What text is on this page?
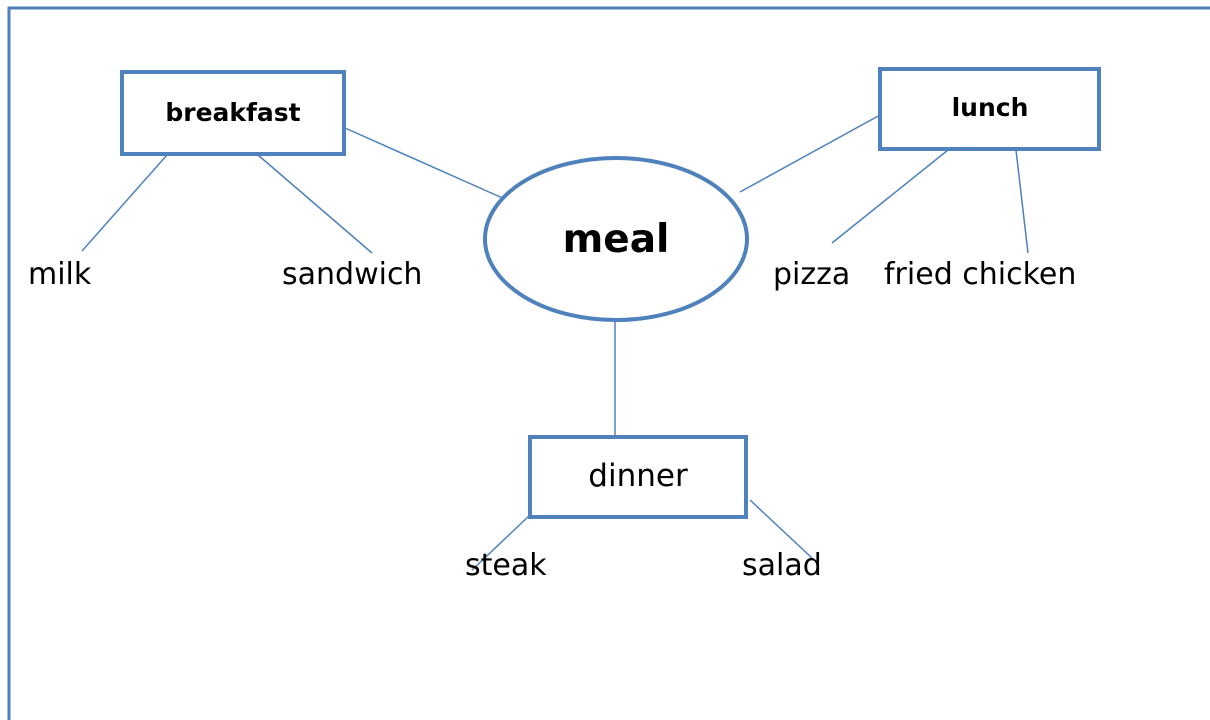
meal
breakfast	lunch
dinner
milk	sandwich	pizza fried chicken
steak	salad
